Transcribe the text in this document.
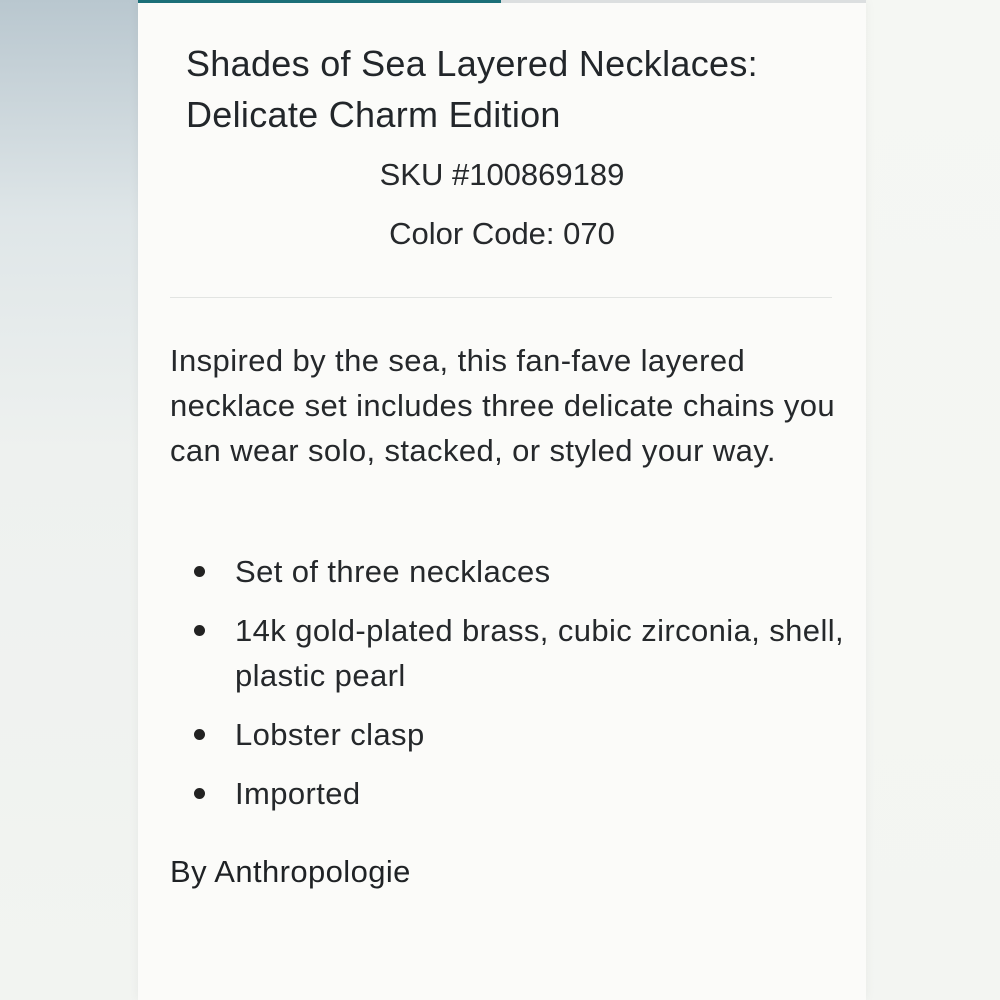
Shades of Sea Layered Necklaces:
Delicate Charm Edition
SKU #100869189
Color Code: 070

Inspired by the sea, this fan-fave layered necklace set includes three delicate chains you can wear solo, stacked, or styled your way.

Set of three necklaces
14k gold-plated brass, cubic zirconia, shell, plastic pearl
Lobster clasp
Imported
By Anthropologie
